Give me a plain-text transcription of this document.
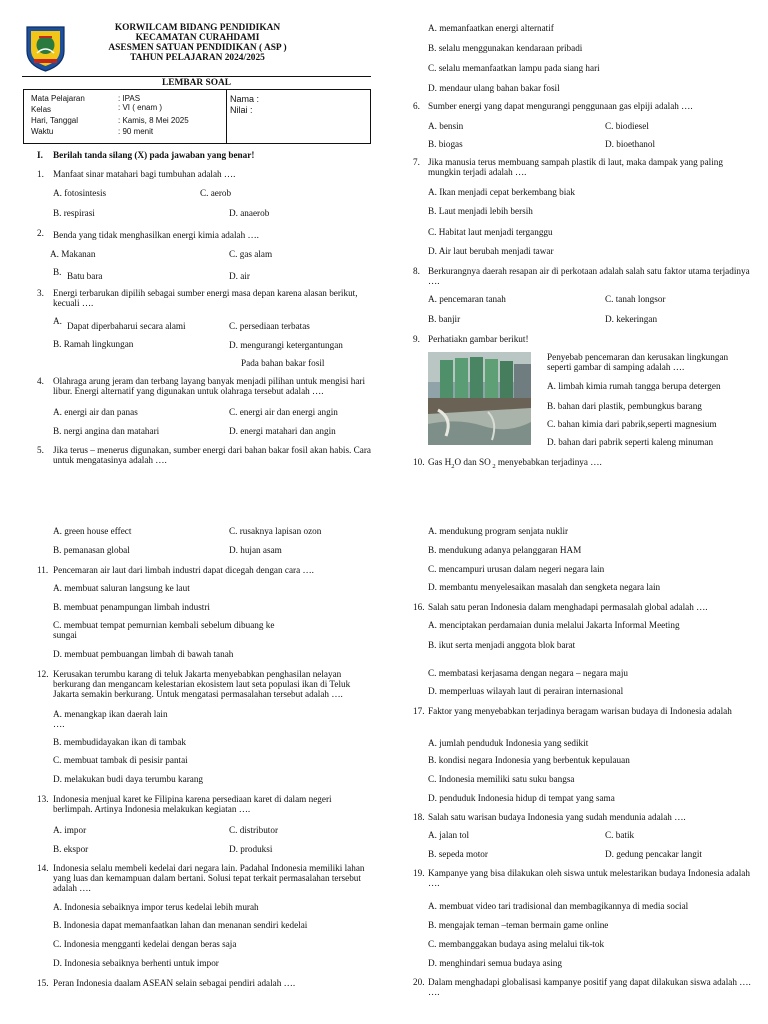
KORWILCAM BIDANG PENDIDIKAN
KECAMATAN CURAHDAMI
ASESMEN SATUAN PENDIDIKAN ( ASP )
TAHUN PELAJARAN 2024/2025
LEMBAR SOAL
Mata Pelajaran	: IPAS
Kelas	: VI ( enam )
Hari, Tanggal	: Kamis, 8 Mei 2025
Waktu	: 90 menit
Nama :
Nilai :
I. Berilah tanda silang (X) pada jawaban yang benar!
1. Manfaat sinar matahari bagi tumbuhan adalah ….
A. fotosintesis	C. aerob
B. respirasi	D. anaerob
2. Benda yang tidak menghasilkan energi kimia adalah ….
A. Makanan	C. gas alam
B. Batu bara	D. air
3. Energi terbarukan dipilih sebagai sumber energi masa depan karena alasan berikut, kecuali ….
A. Dapat diperbaharui secara alami	C. persediaan terbatas
B. Ramah lingkungan	D. mengurangi ketergantungan
Pada bahan bakar fosil
4. Olahraga arung jeram dan terbang layang banyak menjadi pilihan untuk mengisi hari libur. Energi alternatif yang digunakan untuk olahraga tersebut adalah ….
A. energi air dan panas	C. energi air dan energi angin
B. nergi angina dan matahari	D. energi matahari dan angin
5. Jika terus – menerus digunakan, sumber energi dari bahan bakar fosil akan habis. Cara untuk mengatasinya adalah ….
A. memanfaatkan energi alternatif
B. selalu menggunakan kendaraan pribadi
C. selalu memanfaatkan lampu pada siang hari
D. mendaur ulang bahan bakar fosil
6. Sumber energi yang dapat mengurangi penggunaan gas elpiji adalah ….
A. bensin	C. biodiesel
B. biogas	D. bioethanol
7. Jika manusia terus membuang sampah plastik di laut, maka dampak yang paling mungkin terjadi adalah ….
A. Ikan menjadi cepat berkembang biak
B. Laut menjadi lebih bersih
C. Habitat laut menjadi terganggu
D. Air laut berubah menjadi tawar
8. Berkurangnya daerah resapan air di perkotaan adalah salah satu faktor utama terjadinya ….
A. pencemaran tanah	C. tanah longsor
B. banjir	D. kekeringan
9. Perhatiakn gambar berikut!
Penyebab pencemaran dan kerusakan lingkungan seperti gambar di samping adalah ….
A. limbah kimia rumah tangga berupa detergen
B. bahan dari plastik, pembungkus barang
C. bahan kimia dari pabrik,seperti magnesium
D. bahan dari pabrik seperti kaleng minuman
10. Gas $H_2O$ dan SO $_2$ menyebabkan terjadinya ….
A. green house effect	C. rusaknya lapisan ozon
B. pemanasan global	D. hujan asam
11. Pencemaran air laut dari limbah industri dapat dicegah dengan cara ….
A. membuat saluran langsung ke laut
B. membuat penampungan limbah industri
C. membuat tempat pemurnian kembali sebelum dibuang ke sungai
D. membuat pembuangan limbah di bawah tanah
12. Kerusakan terumbu karang di teluk Jakarta menyebabkan penghasilan nelayan berkurang dan mengancam kelestarian ekosistem laut seta populasi ikan di Teluk Jakarta semakin berkurang. Untuk mengatasi permasalahan tersebut adalah ….
A. menangkap ikan daerah lain
….
B. membudidayakan ikan di tambak
C. membuat tambak di pesisir pantai
D. melakukan budi daya terumbu karang
13. Indonesia menjual karet ke Filipina karena persediaan karet di dalam negeri berlimpah. Artinya Indonesia melakukan kegiatan ….
A. impor	C. distributor
B. ekspor	D. produksi
14. Indonesia selalu membeli kedelai dari negara lain. Padahal Indonesia memiliki lahan yang luas dan kemampuan dalam bertani. Solusi tepat terkait permasalahan tersebut adalah ….
A. Indonesia sebaiknya impor terus kedelai lebih murah
B. Indonesia dapat memanfaatkan lahan dan menanan sendiri kedelai
C. Indonesia mengganti kedelai dengan beras saja
D. Indonesia sebaiknya berhenti untuk impor
15. Peran Indonesia daalam ASEAN selain sebagai pendiri adalah ….
A. mendukung program senjata nuklir
B. mendukung adanya pelanggaran HAM
C. mencampuri urusan dalam negeri negara lain
D. membantu menyelesaikan masalah dan sengketa negara lain
16. Salah satu peran Indonesia dalam menghadapi permasalah global adalah ….
A. menciptakan perdamaian dunia melalui Jakarta Informal Meeting
B. ikut serta menjadi anggota blok barat
C. membatasi kerjasama dengan negara – negara maju
D. memperluas wilayah laut di perairan internasional
17. Faktor yang menyebabkan terjadinya beragam warisan budaya di Indonesia adalah
A. jumlah penduduk Indonesia yang sedikit
B. kondisi negara Indonesia yang berbentuk kepulauan
C. Indonesia memiliki satu suku bangsa
D. penduduk Indonesia hidup di tempat yang sama
18. Salah satu warisan budaya Indonesia yang sudah mendunia adalah ….
A. jalan tol	C. batik
B. sepeda motor	D. gedung pencakar langit
19. Kampanye yang bisa dilakukan oleh siswa untuk melestarikan budaya Indonesia adalah ….
A. membuat video tari tradisional dan membagikannya di media social
B. mengajak teman –teman bermain game online
C. membanggakan budaya asing melalui tik-tok
D. menghindari semua budaya asing
20. Dalam menghadapi globalisasi kampanye positif yang dapat dilakukan siswa adalah ….
….
